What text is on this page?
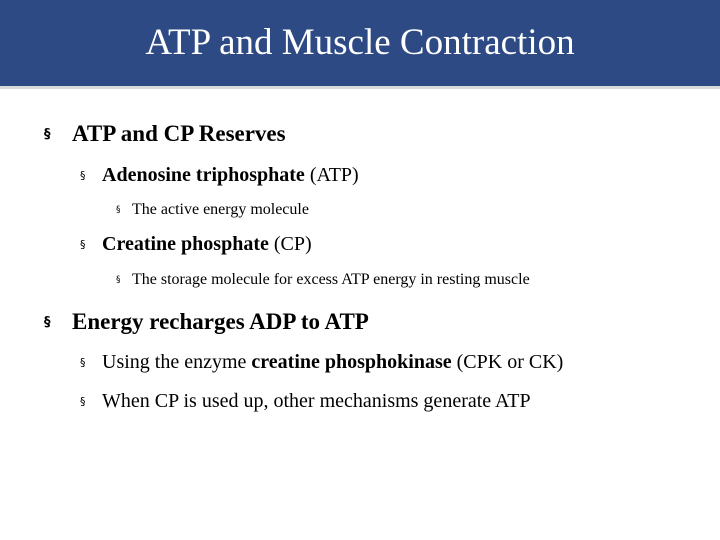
ATP and Muscle Contraction
§ ATP and CP Reserves
§ Adenosine triphosphate (ATP)
§ The active energy molecule
§ Creatine phosphate (CP)
§ The storage molecule for excess ATP energy in resting muscle
§ Energy recharges ADP to ATP
§ Using the enzyme creatine phosphokinase (CPK or CK)
§ When CP is used up, other mechanisms generate ATP
